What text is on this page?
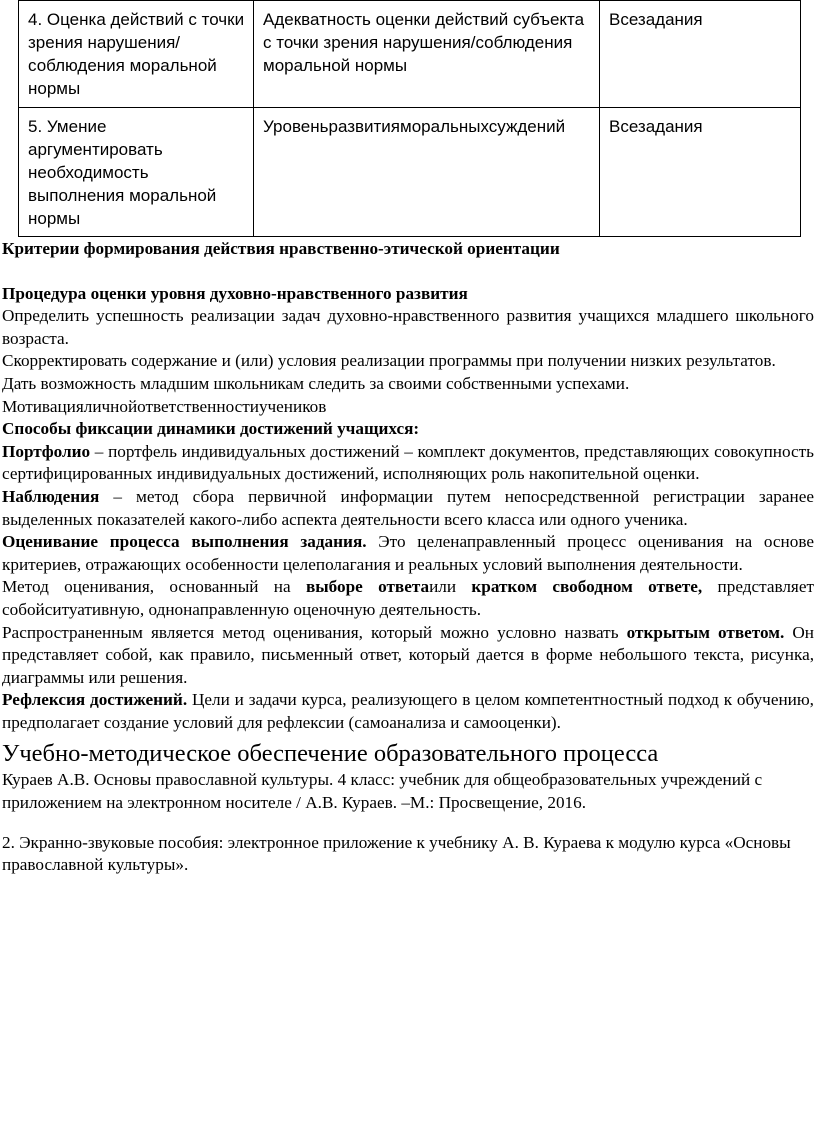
4. Оценка действий с точки зрения нарушения/соблюдения моральной нормы	Адекватность оценки действий субъекта с точки зрения нарушения/соблюдения моральной нормы	Всезадания
5. Умение аргументировать необходимость выполнения моральной нормы	Уровеньразвитияморальныхсуждений	Всезадания

Критерии формирования действия нравственно-этической ориентации

Процедура оценки уровня духовно-нравственного развития

Определить успешность реализации задач духовно-нравственного развития учащихся младшего школьного возраста.

Скорректировать содержание и (или) условия реализации программы при получении низких результатов.

Дать возможность младшим школьникам следить за своими собственными успехами.

Мотивацияличнойответственностиучеников

Способы фиксации динамики достижений учащихся:

Портфолио – портфель индивидуальных достижений – комплект документов, представляющих совокупность сертифицированных индивидуальных достижений, исполняющих роль накопительной оценки.

Наблюдения – метод сбора первичной информации путем непосредственной регистрации заранее выделенных показателей какого-либо аспекта деятельности всего класса или одного ученика.

Оценивание процесса выполнения задания. Это целенаправленный процесс оценивания на основе критериев, отражающих особенности целеполагания и реальных условий выполнения деятельности.

Метод оценивания, основанный на выборе ответаили кратком свободном ответе, представляет собойситуативную, однонаправленную оценочную деятельность.

Распространенным является метод оценивания, который можно условно назвать открытым ответом. Он представляет собой, как правило, письменный ответ, который дается в форме небольшого текста, рисунка, диаграммы или решения.

Рефлексия достижений. Цели и задачи курса, реализующего в целом компетентностный подход к обучению, предполагает создание условий для рефлексии (самоанализа и самооценки).

Учебно-методическое обеспечение образовательного процесса

Кураев А.В. Основы православной культуры. 4 класс: учебник для общеобразовательных учреждений с приложением на электронном носителе / А.В. Кураев. –М.: Просвещение, 2016.

2. Экранно-звуковые пособия: электронное приложение к учебнику А. В. Кураева к модулю курса «Основы православной культуры».
